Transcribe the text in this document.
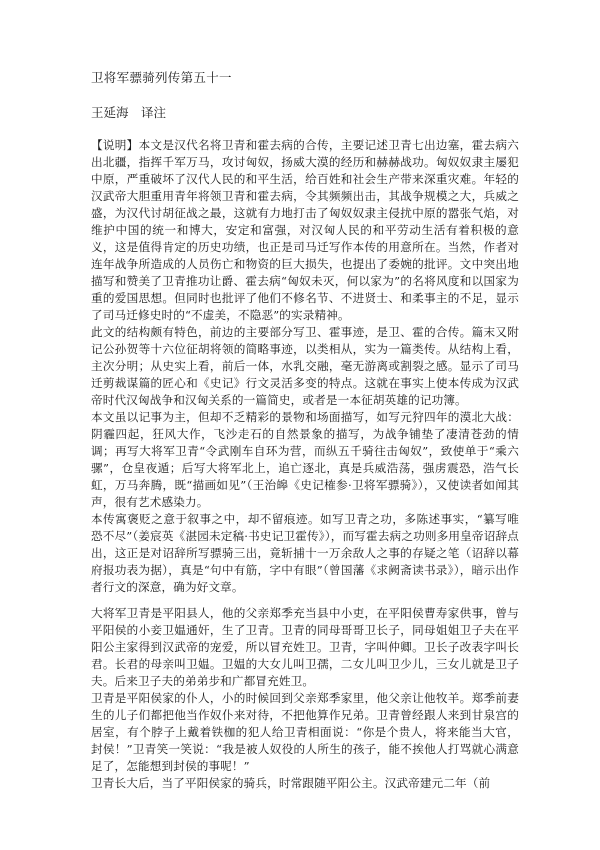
卫将军骠骑列传第五十一
王延海　译注

【说明】本文是汉代名将卫青和霍去病的合传，主要记述卫青七出边塞，霍去病六出北疆，指挥千军万马，攻讨匈奴，扬威大漠的经历和赫赫战功。匈奴奴隶主屡犯中原，严重破坏了汉代人民的和平生活，给百姓和社会生产带来深重灾难。年轻的汉武帝大胆重用青年将领卫青和霍去病，令其频频出击，其战争规模之大，兵威之盛，为汉代讨胡征战之最，这就有力地打击了匈奴奴隶主侵扰中原的嚣张气焰，对维护中国的统一和博大，安定和富强，对汉匈人民的和平劳动生活有着积极的意义，这是值得肯定的历史功绩，也正是司马迁写作本传的用意所在。当然，作者对连年战争所造成的人员伤亡和物资的巨大损失，也提出了委婉的批评。文中突出地描写和赞美了卫青推功让爵、霍去病“匈奴未灭，何以家为”的名将风度和以国家为重的爱国思想。但同时也批评了他们不修名节、不进贤士、和柔事主的不足，显示了司马迁修史时的“不虚美，不隐恶”的实录精神。

此文的结构颇有特色，前边的主要部分写卫、霍事迹，是卫、霍的合传。篇末又附记公孙贺等十六位征胡将领的简略事迹，以类相从，实为一篇类传。从结构上看，主次分明；从史实上看，前后一体，水乳交融，毫无游离或割裂之感。显示了司马迁剪裁谋篇的匠心和《史记》行文灵活多变的特点。这就在事实上使本传成为汉武帝时代汉匈战争和汉匈关系的一篇简史，或者是一本征胡英雄的记功簿。

本文虽以记事为主，但却不乏精彩的景物和场面描写，如写元狩四年的漠北大战：阴霾四起，狂风大作，飞沙走石的自然景象的描写，为战争铺垫了凄清苍劲的情调；再写大将军卫青“令武刚车自环为营，而纵五千骑往击匈奴”，致使单于“乘六骡”，仓皇夜遁；后写大将军北上，追亡逐北，真是兵威浩荡，强虏震恐，浩气长虹，万马奔腾，既“描画如见”（王治皞《史记榷参·卫将军骠骑》），又使读者如闻其声，很有艺术感染力。

本传寓褒贬之意于叙事之中，却不留痕迹。如写卫青之功，多陈述事实，“纂写唯恐不尽”（姜宸英《湛园未定稿·书史记卫霍传》），而写霍去病之功则多用皇帝诏辞点出，这正是对诏辞所写骠骑三出，竟斩捕十一万余敌人之事的存疑之笔（诏辞以幕府报功表为据），真是“句中有筋，字中有眼”（曾国藩《求阙斋读书录》），暗示出作者行文的深意，确为好文章。

大将军卫青是平阳县人，他的父亲郑季充当县中小吏，在平阳侯曹寿家供事，曾与平阳侯的小妾卫媪通奸，生了卫青。卫青的同母哥哥卫长子，同母姐姐卫子夫在平阳公主家得到汉武帝的宠爱，所以冒充姓卫。卫青，字叫仲卿。卫长子改表字叫长君。长君的母亲叫卫媪。卫媪的大女儿叫卫孺，二女儿叫卫少儿，三女儿就是卫子夫。后来卫子夫的弟弟步和广都冒充姓卫。

卫青是平阳侯家的仆人，小的时候回到父亲郑季家里，他父亲让他牧羊。郑季前妻生的儿子们都把他当作奴仆来对待，不把他算作兄弟。卫青曾经跟人来到甘泉宫的居室，有个脖子上戴着铁枷的犯人给卫青相面说：“你是个贵人，将来能当大官，封侯！”卫青笑一笑说：“我是被人奴役的人所生的孩子，能不挨他人打骂就心满意足了，怎能想到封侯的事呢！”

卫青长大后，当了平阳侯家的骑兵，时常跟随平阳公主。汉武帝建元二年（前
